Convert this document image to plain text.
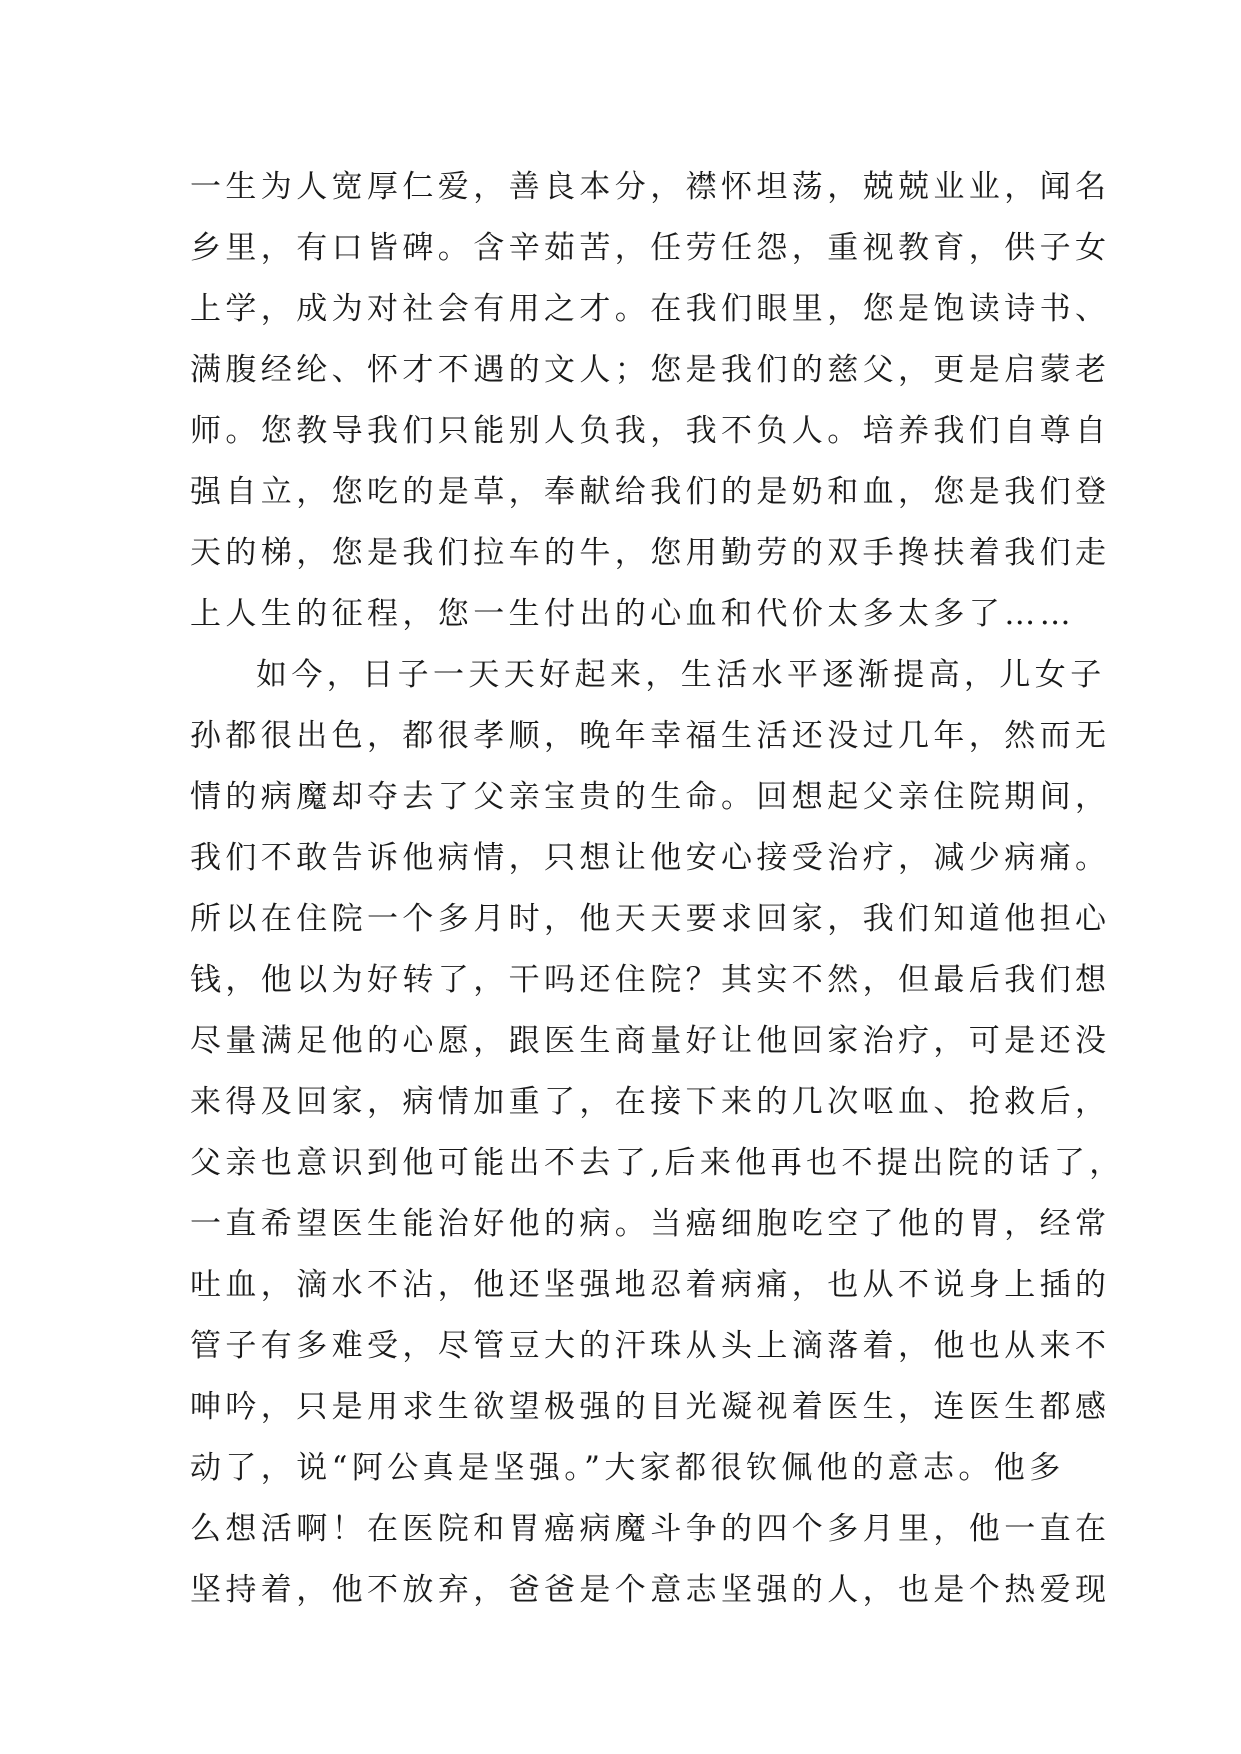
一生为人宽厚仁爱，善良本分，襟怀坦荡，兢兢业业，闻名
乡里，有口皆碑。含辛茹苦，任劳任怨，重视教育，供子女
上学，成为对社会有用之才。在我们眼里，您是饱读诗书、
满腹经纶、怀才不遇的文人；您是我们的慈父，更是启蒙老
师。您教导我们只能别人负我，我不负人。培养我们自尊自
强自立，您吃的是草，奉献给我们的是奶和血，您是我们登
天的梯，您是我们拉车的牛，您用勤劳的双手搀扶着我们走
上人生的征程，您一生付出的心血和代价太多太多了……
如今，日子一天天好起来，生活水平逐渐提高，儿女子
孙都很出色，都很孝顺，晚年幸福生活还没过几年，然而无
情的病魔却夺去了父亲宝贵的生命。回想起父亲住院期间，
我们不敢告诉他病情，只想让他安心接受治疗，减少病痛。
所以在住院一个多月时，他天天要求回家，我们知道他担心
钱，他以为好转了，干吗还住院？其实不然，但最后我们想
尽量满足他的心愿，跟医生商量好让他回家治疗，可是还没
来得及回家，病情加重了，在接下来的几次呕血、抢救后，
父亲也意识到他可能出不去了,后来他再也不提出院的话了，
一直希望医生能治好他的病。当癌细胞吃空了他的胃，经常
吐血，滴水不沾，他还坚强地忍着病痛，也从不说身上插的
管子有多难受，尽管豆大的汗珠从头上滴落着，他也从来不
呻吟，只是用求生欲望极强的目光凝视着医生，连医生都感
动了，说“阿公真是坚强。”大家都很钦佩他的意志。他多
么想活啊！在医院和胃癌病魔斗争的四个多月里，他一直在
坚持着，他不放弃，爸爸是个意志坚强的人，也是个热爱现
